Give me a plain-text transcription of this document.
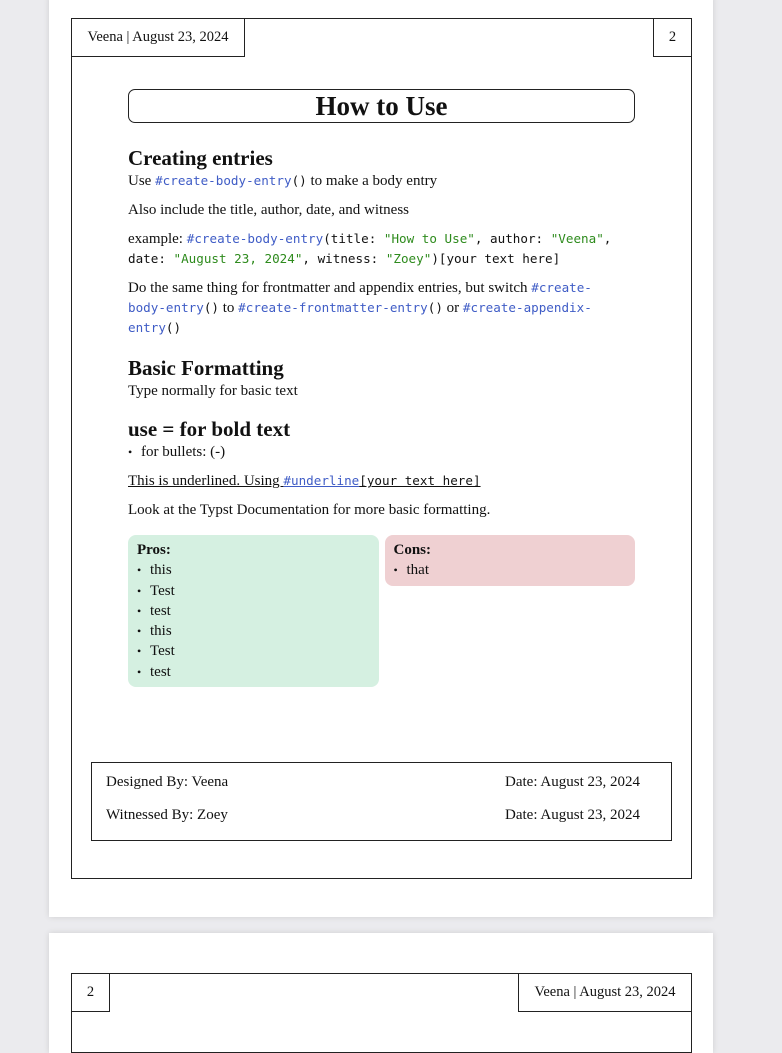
Veena | August 23, 2024	2
How to Use
Creating entries

Use #create-body-entry() to make a body entry

Also include the title, author, date, and witness

example: #create-body-entry(title: "How to Use", author: "Veena",
date: "August 23, 2024", witness: "Zoey")[your text here]

Do the same thing for frontmatter and appendix entries, but switch #create-
body-entry() to #create-frontmatter-entry() or #create-appendix-
entry()

Basic Formatting

Type normally for basic text

use = for bold text
• for bullets: (-)

This is underlined. Using #underline[your text here]

Look at the Typst Documentation for more basic formatting.

Pros:
• this
• Test
• test
• this
• Test
• test
Cons:
• that
Designed By: Veena	Date: August 23, 2024
Witnessed By: Zoey	Date: August 23, 2024
2	Veena | August 23, 2024
